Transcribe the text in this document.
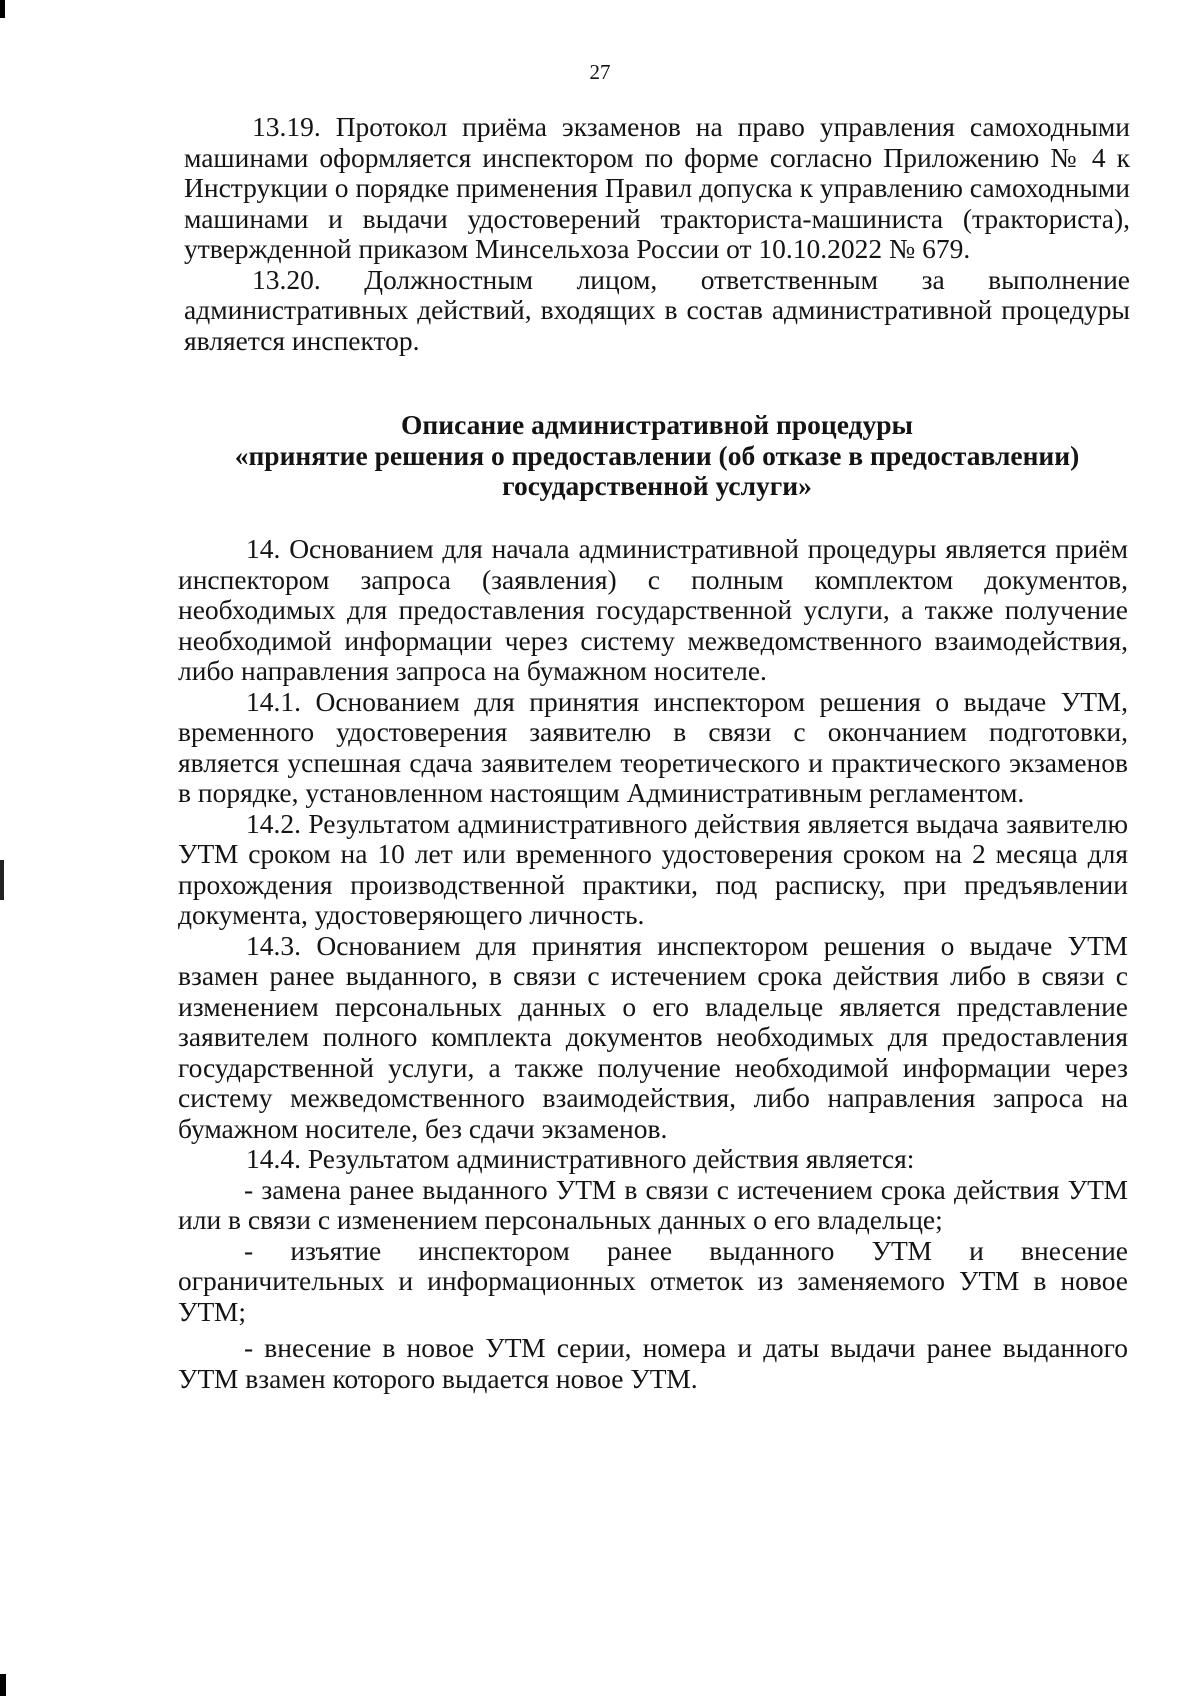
27

13.19. Протокол приёма экзаменов на право управления самоходными машинами оформляется инспектором по форме согласно Приложению № 4 к Инструкции о порядке применения Правил допуска к управлению самоходными машинами и выдачи удостоверений тракториста-машиниста (тракториста), утвержденной приказом Минсельхоза России от 10.10.2022 № 679.

13.20. Должностным лицом, ответственным за выполнение административных действий, входящих в состав административной процедуры является инспектор.

Описание административной процедуры
«принятие решения о предоставлении (об отказе в предоставлении)
государственной услуги»

14. Основанием для начала административной процедуры является приём инспектором запроса (заявления) с полным комплектом документов, необходимых для предоставления государственной услуги, а также получение необходимой информации через систему межведомственного взаимодействия, либо направления запроса на бумажном носителе.

14.1. Основанием для принятия инспектором решения о выдаче УТМ, временного удостоверения заявителю в связи с окончанием подготовки, является успешная сдача заявителем теоретического и практического экзаменов в порядке, установленном настоящим Административным регламентом.

14.2. Результатом административного действия является выдача заявителю УТМ сроком на 10 лет или временного удостоверения сроком на 2 месяца для прохождения производственной практики, под расписку, при предъявлении документа, удостоверяющего личность.

14.3. Основанием для принятия инспектором решения о выдаче УТМ взамен ранее выданного, в связи с истечением срока действия либо в связи с изменением персональных данных о его владельце является представление заявителем полного комплекта документов необходимых для предоставления государственной услуги, а также получение необходимой информации через систему межведомственного взаимодействия, либо направления запроса на бумажном носителе, без сдачи экзаменов.

14.4. Результатом административного действия является:

- замена ранее выданного УТМ в связи с истечением срока действия УТМ или в связи с изменением персональных данных о его владельце;

- изъятие инспектором ранее выданного УТМ и внесение ограничительных и информационных отметок из заменяемого УТМ в новое УТМ;

- внесение в новое УТМ серии, номера и даты выдачи ранее выданного УТМ взамен которого выдается новое УТМ.
